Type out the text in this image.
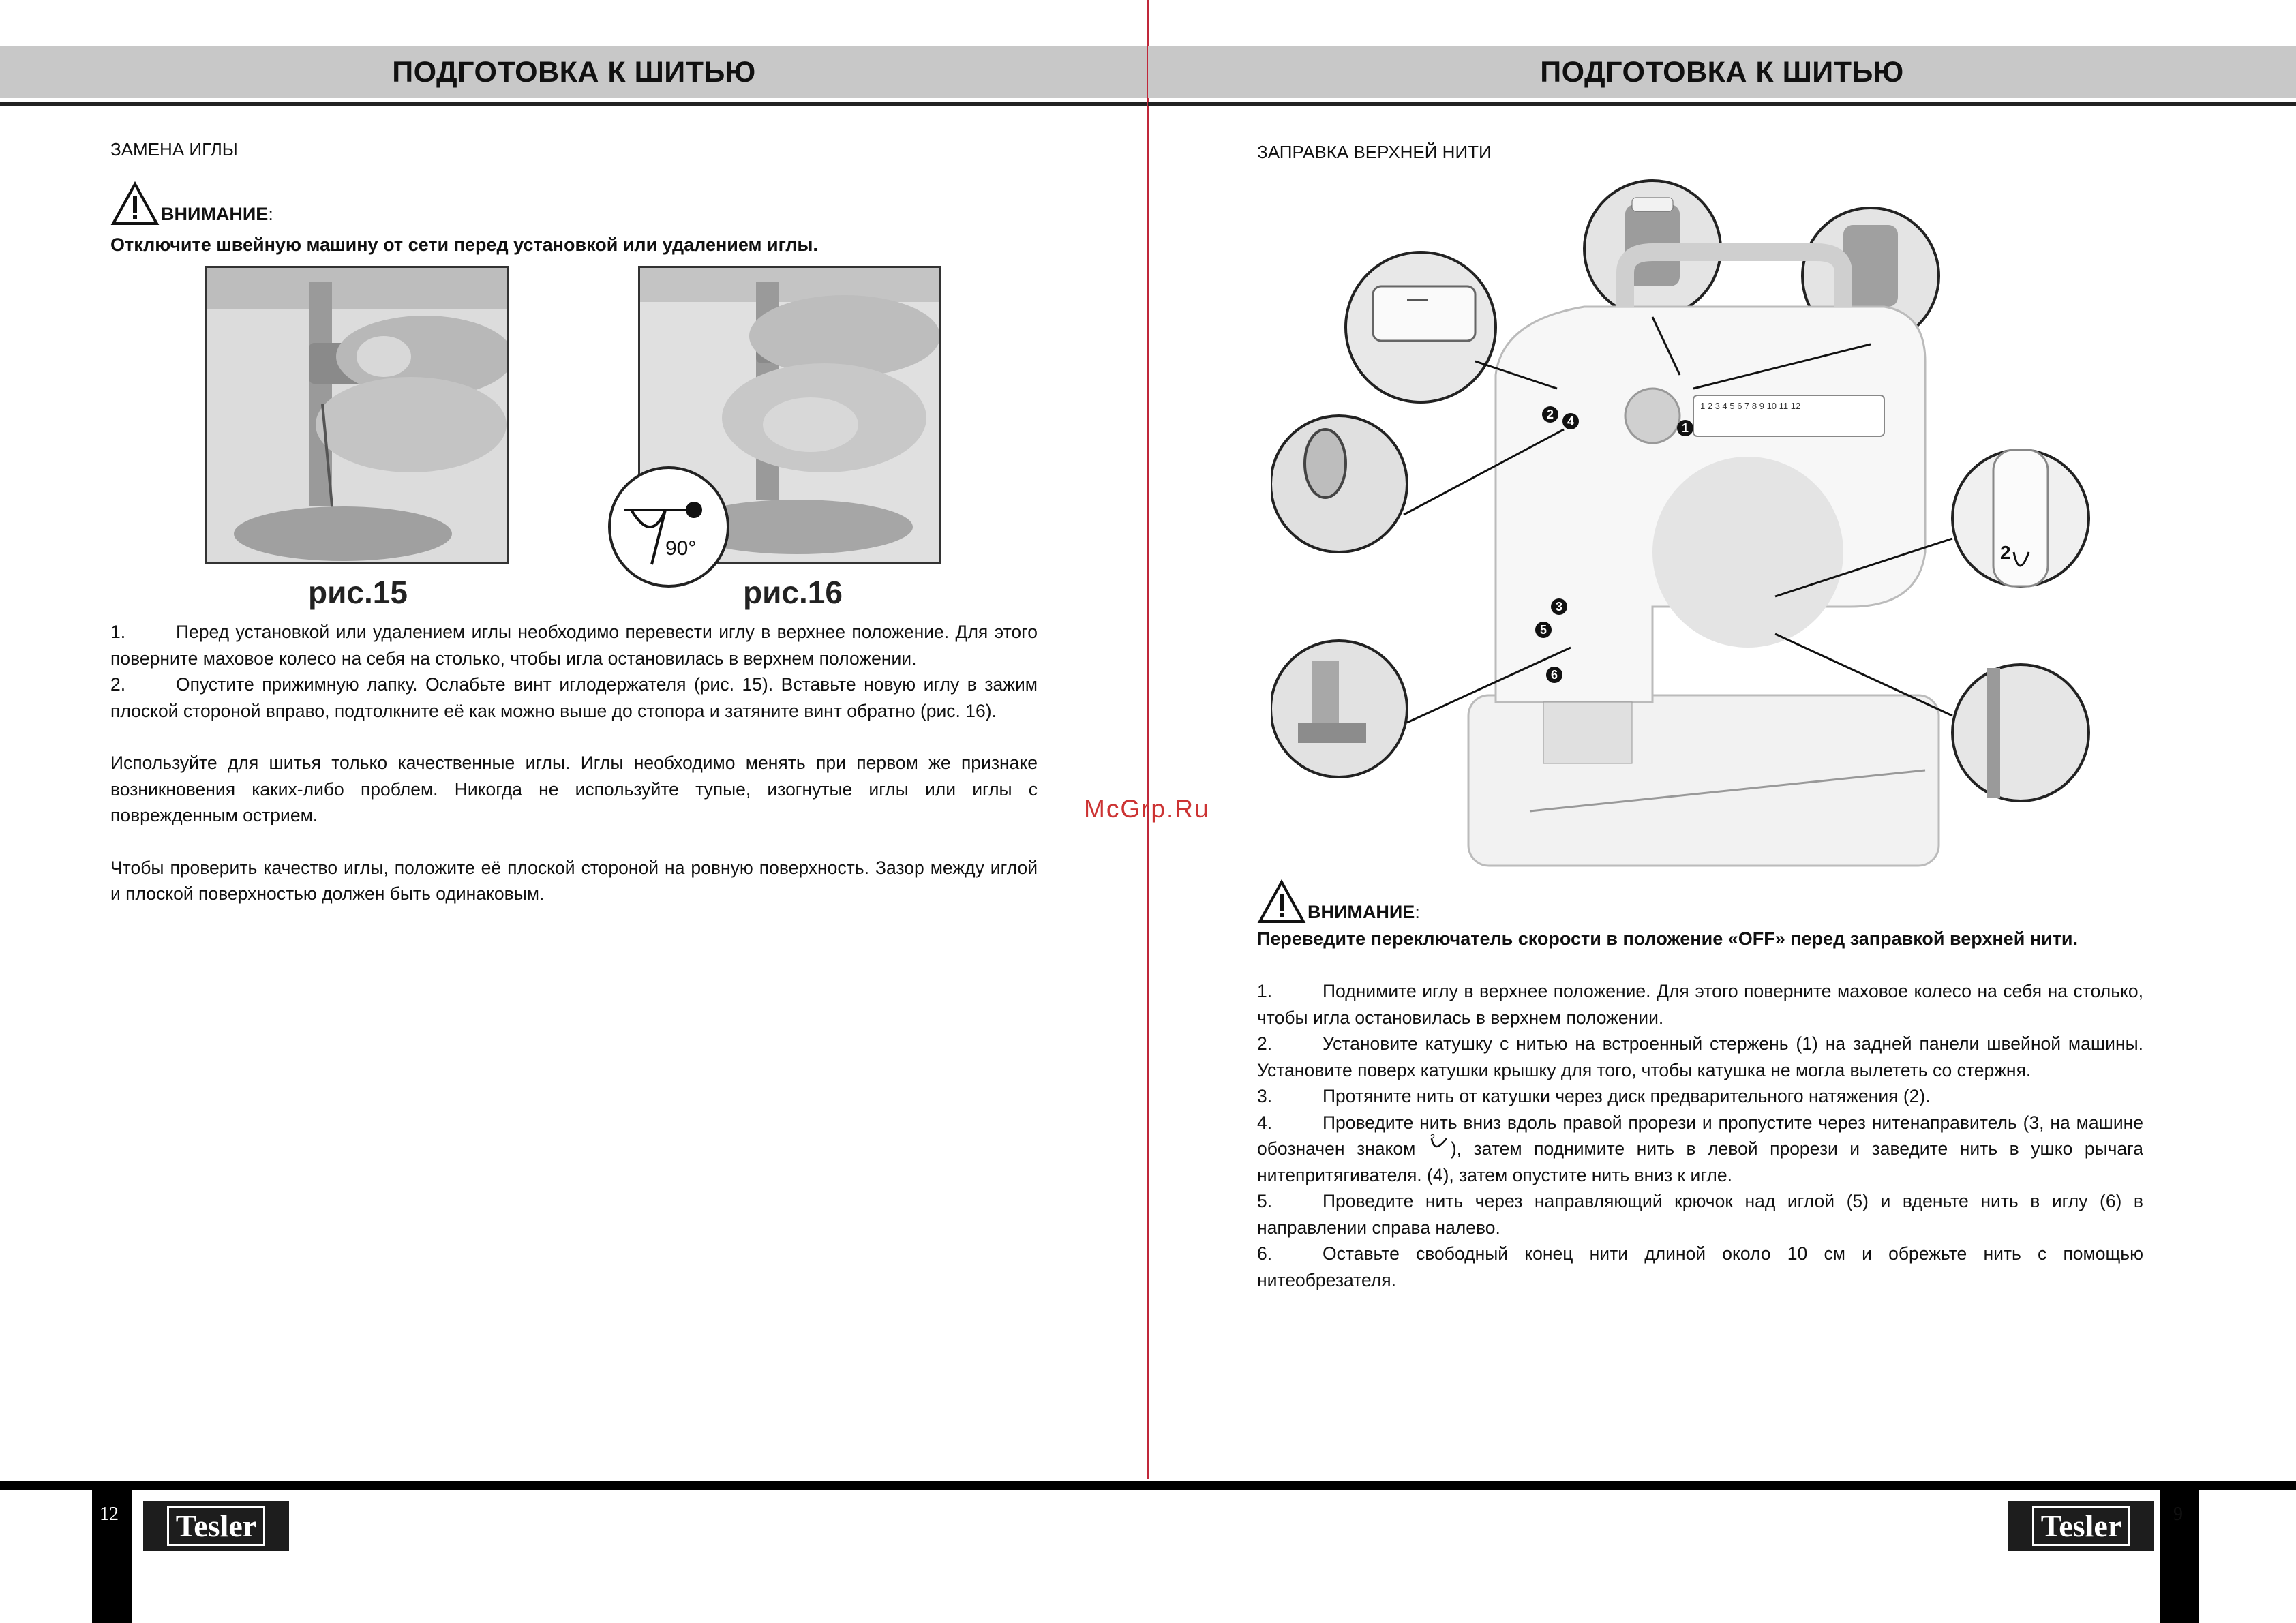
ПОДГОТОВКА К ШИТЬЮ
ЗАМЕНА ИГЛЫ
ВНИМАНИЕ:
Отключите швейную машину от сети перед установкой или удалением иглы.
рис.15
90°
рис.16

1.	Перед установкой или удалением иглы необходимо перевести иглу в верхнее положение. Для этого поверните маховое колесо на себя на столько, чтобы игла остановилась в верхнем положении.

2.	Опустите прижимную лапку. Ослабьте винт иглодержателя (рис. 15). Вставьте новую иглу в зажим плоской стороной вправо, подтолкните её как можно выше до стопора и затяните винт обратно (рис. 16).

Используйте для шитья только качественные иглы. Иглы необходимо менять при первом же признаке возникновения каких-либо проблем. Никогда не используйте тупые, изогнутые иглы или иглы с поврежденным острием.

Чтобы проверить качество иглы, положите её плоской стороной на ровную поверхность. Зазор между иглой и плоской поверхностью должен быть одинаковым.

12 Tesler
ПОДГОТОВКА К ШИТЬЮ
ЗАПРАВКА ВЕРХНЕЙ НИТИ
2
1 2 3 4 5 6 7 8 9 10 11 12
1
2
3
4
5
6
ВНИМАНИЕ:
Переведите переключатель скорости в положение «OFF» перед заправкой верхней нити.

1.	Поднимите иглу в верхнее положение. Для этого поверните маховое колесо на себя на столько, чтобы игла остановилась в верхнем положении.

2.	Установите катушку с нитью на встроенный стержень (1) на задней панели швейной машины. Установите поверх катушки крышку для того, чтобы катушка не могла вылететь со стержня.

3.	Протяните нить от катушки через диск предварительного натяжения (2).

4.	Проведите нить вниз вдоль правой прорези и пропустите через нитенаправитель (3, на машине обозначен знаком
2
), затем поднимите нить в левой прорези и заведите нить в ушко рычага нитепритягивателя. (4), затем опустите нить вниз к игле.

5.	Проведите нить через направляющий крючок над иглой (5) и вденьте нить в иглу (6) в направлении справа налево.

6.	Оставьте свободный конец нити длиной около 10 см и обрежьте нить с помощью нитеобрезателя.

Tesler	9
McGrp.Ru
